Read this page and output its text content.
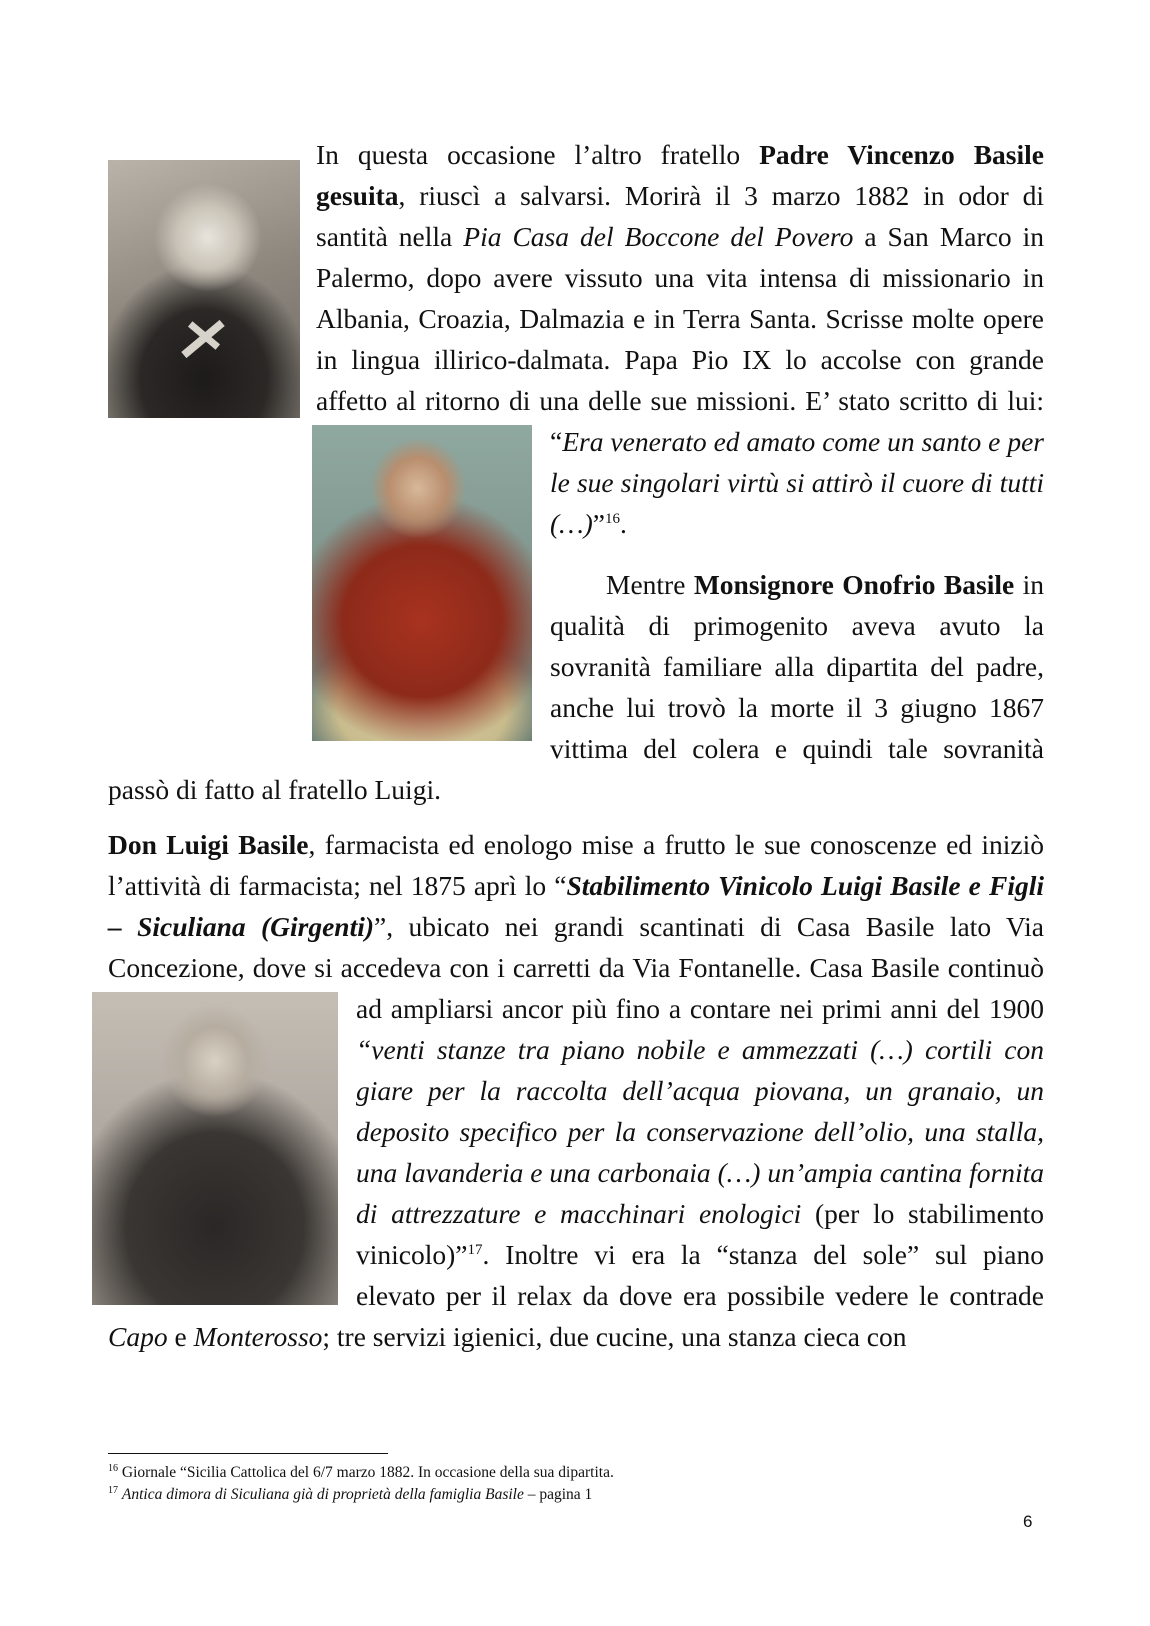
In questa occasione l’altro fratello Padre Vincenzo Basile gesuita, riuscì a salvarsi. Morirà il 3 marzo 1882 in odor di santità nella Pia Casa del Boccone del Povero a San Marco in Palermo, dopo avere vissuto una vita intensa di missionario in Albania, Croazia, Dalmazia e in Terra Santa. Scrisse molte opere in lingua illirico-dalmata. Papa Pio IX lo accolse con grande affetto al ritorno di una delle sue missioni. E’ stato scritto di lui: “
Era venerato ed amato come un santo e per le sue singolari virtù si attirò il cuore di tutti (…)”$^{16}$.

Mentre Monsignore Onofrio Basile in qualità di primogenito aveva avuto la sovranità familiare alla dipartita del padre, anche lui trovò la morte il 3 giugno 1867 vittima del colera e quindi tale sovranità passò di fatto al fratello Luigi.

Don Luigi Basile, farmacista ed enologo mise a frutto le sue conoscenze ed iniziò l’attività di farmacista; nel 1875 aprì lo “Stabilimento Vinicolo Luigi Basile e Figli – Siculiana (Girgenti)”, ubicato nei grandi scantinati di Casa Basile lato Via Concezione, dove si accedeva con i carretti da Via Fontanelle. Casa Basile continuò ad ampliarsi ancor più fino a contare nei primi anni del 1900
“venti stanze tra piano nobile e ammezzati (…) cortili con giare per la raccolta dell’acqua piovana, un granaio, un deposito specifico per la conservazione dell’olio, una stalla, una lavanderia e una carbonaia (…) un’ampia cantina fornita di attrezzature e macchinari enologici (per lo stabilimento vinicolo)”$^{17}$. Inoltre vi era la “stanza del sole” sul piano elevato per il relax da dove era possibile vedere le contrade Capo e Monterosso; tre servizi igienici, due cucine, una stanza cieca con

$^{16}$ Giornale “Sicilia Cattolica del 6/7 marzo 1882. In occasione della sua dipartita.
$^{17}$ Antica dimora di Siculiana già di proprietà della famiglia Basile – pagina 1
6
